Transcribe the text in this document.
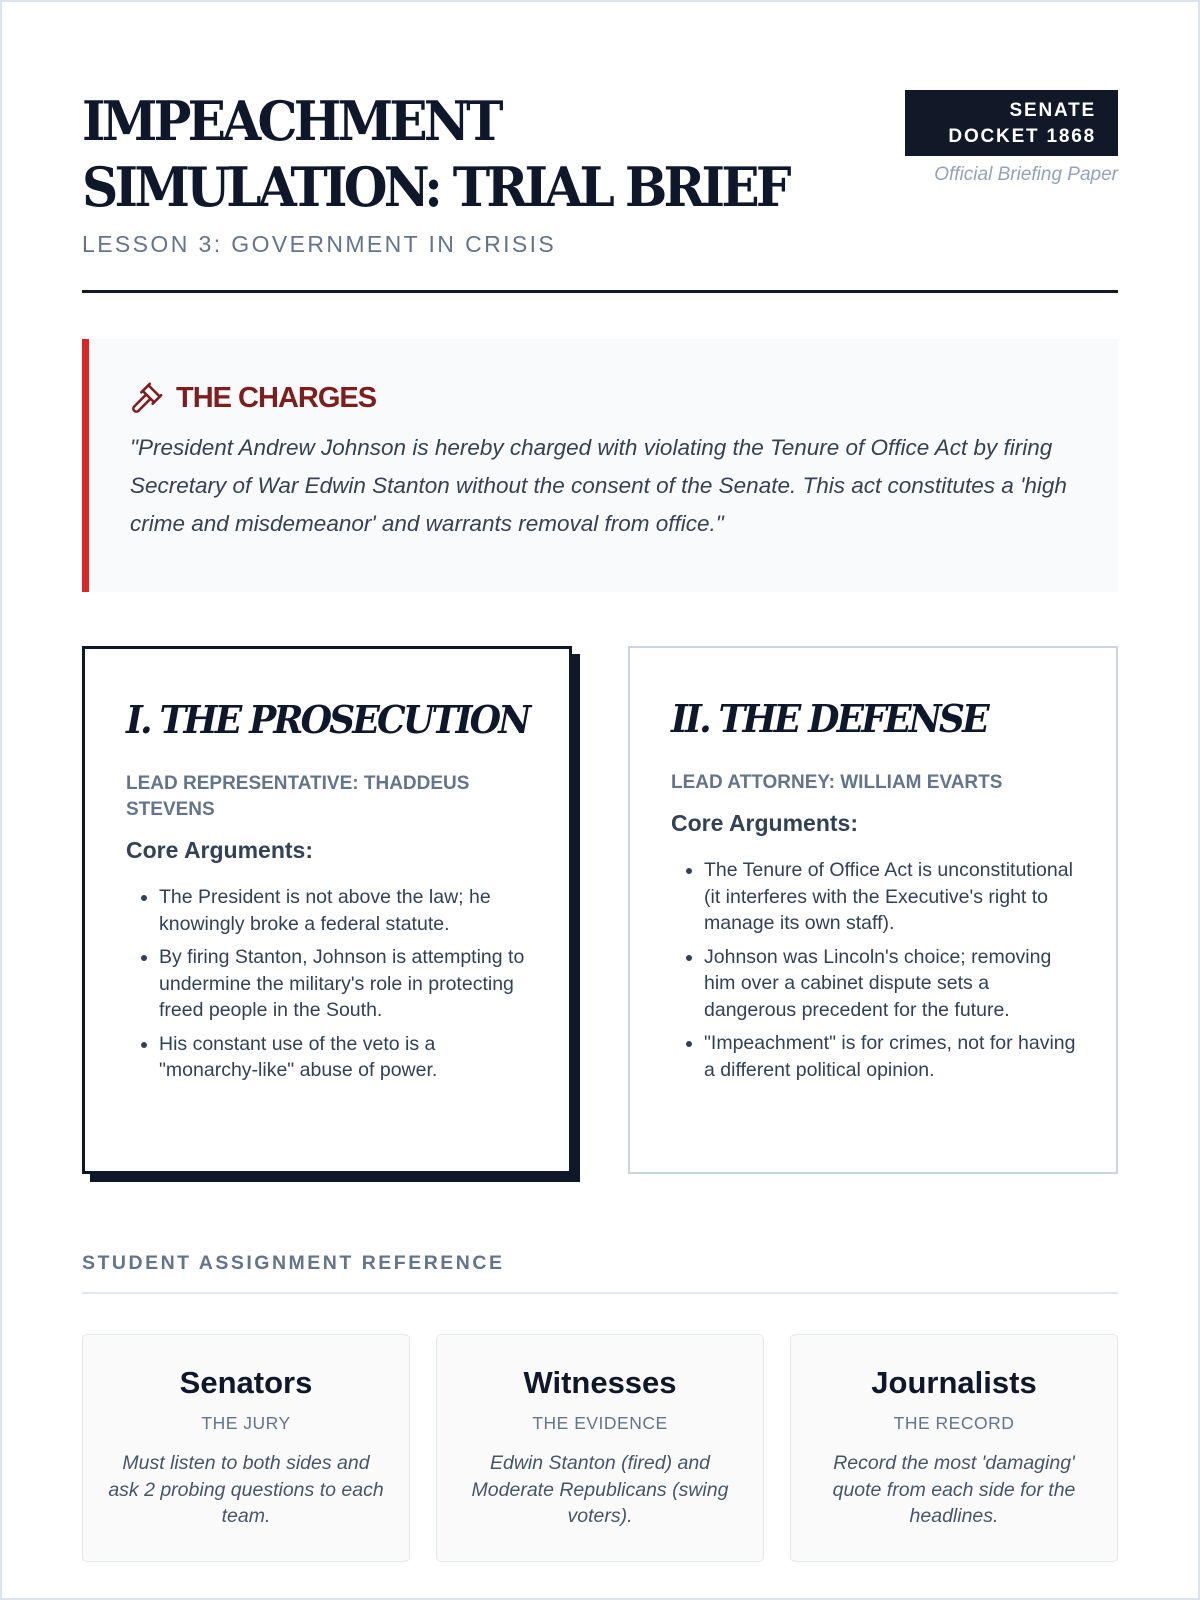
IMPEACHMENT SIMULATION: TRIAL BRIEF
LESSON 3: GOVERNMENT IN CRISIS
SENATE
DOCKET 1868
Official Briefing Paper
THE CHARGES

"President Andrew Johnson is hereby charged with violating the Tenure of Office Act by firing Secretary of War Edwin Stanton without the consent of the Senate. This act constitutes a 'high crime and misdemeanor' and warrants removal from office."

I. THE PROSECUTION
LEAD REPRESENTATIVE: THADDEUS STEVENS
Core Arguments:
• The President is not above the law; he knowingly broke a federal statute.
• By firing Stanton, Johnson is attempting to undermine the military's role in protecting freed people in the South.
• His constant use of the veto is a "monarchy-like" abuse of power.
II. THE DEFENSE
LEAD ATTORNEY: WILLIAM EVARTS
Core Arguments:
• The Tenure of Office Act is unconstitutional (it interferes with the Executive's right to manage its own staff).
• Johnson was Lincoln's choice; removing him over a cabinet dispute sets a dangerous precedent for the future.
• "Impeachment" is for crimes, not for having a different political opinion.
STUDENT ASSIGNMENT REFERENCE
Senators
THE JURY
Must listen to both sides and ask 2 probing questions to each team.
Witnesses
THE EVIDENCE
Edwin Stanton (fired) and Moderate Republicans (swing voters).
Journalists
THE RECORD
Record the most 'damaging' quote from each side for the headlines.
